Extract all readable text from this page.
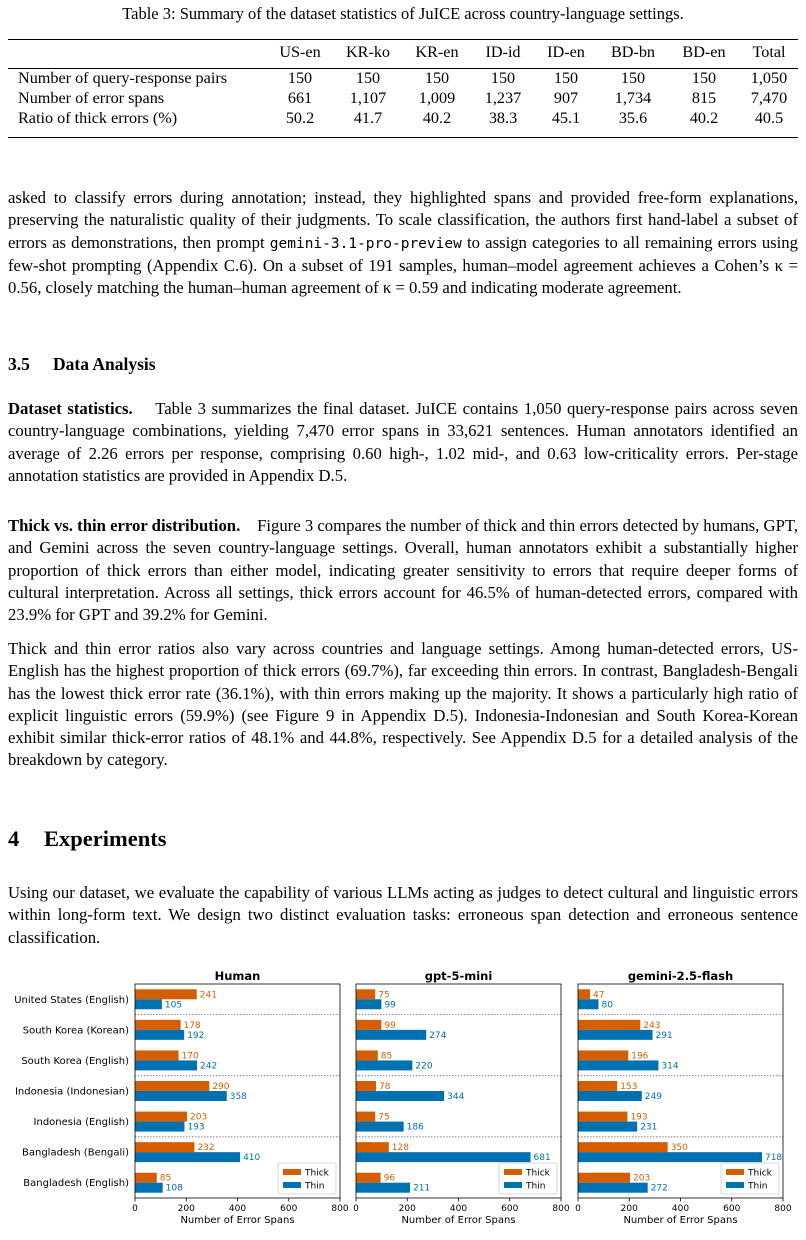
Table 3: Summary of the dataset statistics of JuICE across country-language settings.
	US-en	KR-ko	KR-en	ID-id	ID-en	BD-bn	BD-en	Total

Number of query-response pairs	150	150	150	150	150	150	150	1,050
Number of error spans	661	1,107	1,009	1,237	907	1,734	815	7,470
Ratio of thick errors (%)	50.2	41.7	40.2	38.3	45.1	35.6	40.2	40.5
asked to classify errors during annotation; instead, they highlighted spans and provided free-form explanations, preserving the naturalistic quality of their judgments. To scale classification, the authors first hand-label a subset of errors as demonstrations, then prompt gemini-3.1-pro-preview to assign categories to all remaining errors using few-shot prompting (Appendix C.6). On a subset of 191 samples, human–model agreement achieves a Cohen’s κ = 0.56, closely matching the human–human agreement of κ = 0.59 and indicating moderate agreement.
3.5 Data Analysis
Dataset statistics. Table 3 summarizes the final dataset. JuICE contains 1,050 query-response pairs across seven country-language combinations, yielding 7,470 error spans in 33,621 sentences. Human annotators identified an average of 2.26 errors per response, comprising 0.60 high-, 1.02 mid-, and 0.63 low-criticality errors. Per-stage annotation statistics are provided in Appendix D.5.
Thick vs. thin error distribution. Figure 3 compares the number of thick and thin errors detected by humans, GPT, and Gemini across the seven country-language settings. Overall, human annotators exhibit a substantially higher proportion of thick errors than either model, indicating greater sensitivity to errors that require deeper forms of cultural interpretation. Across all settings, thick errors account for 46.5% of human-detected errors, compared with 23.9% for GPT and 39.2% for Gemini.
Thick and thin error ratios also vary across countries and language settings. Among human-detected errors, US-English has the highest proportion of thick errors (69.7%), far exceeding thin errors. In contrast, Bangladesh-Bengali has the lowest thick error rate (36.1%), with thin errors making up the majority. It shows a particularly high ratio of explicit linguistic errors (59.9%) (see Figure 9 in Appendix D.5). Indonesia-Indonesian and South Korea-Korean exhibit similar thick-error ratios of 48.1% and 44.8%, respectively. See Appendix D.5 for a detailed analysis of the breakdown by category.
4 Experiments
Using our dataset, we evaluate the capability of various LLMs acting as judges to detect cultural and linguistic errors within long-form text. We design two distinct evaluation tasks: erroneous span detection and erroneous sentence classification.
United States (English)
South Korea (Korean)
South Korea (English)
Indonesia (Indonesian)
Indonesia (English)
Bangladesh (Bengali)
Bangladesh (English)
Human
241
105
178
192
170
242
290
358
203
193
232
410
85
108
0	200	400	600	800
Number of Error Spans
Thick
Thin
gpt-5-mini
75
99
99
274
85
220
78
344
75
186
128
681
96
211
0	200	400	600	800
Number of Error Spans
Thick
Thin
gemini-2.5-flash
47
80
243
291
196
314
153
249
193
231
350
718
203
272
0	200	400	600	800
Number of Error Spans
Thick
Thin
